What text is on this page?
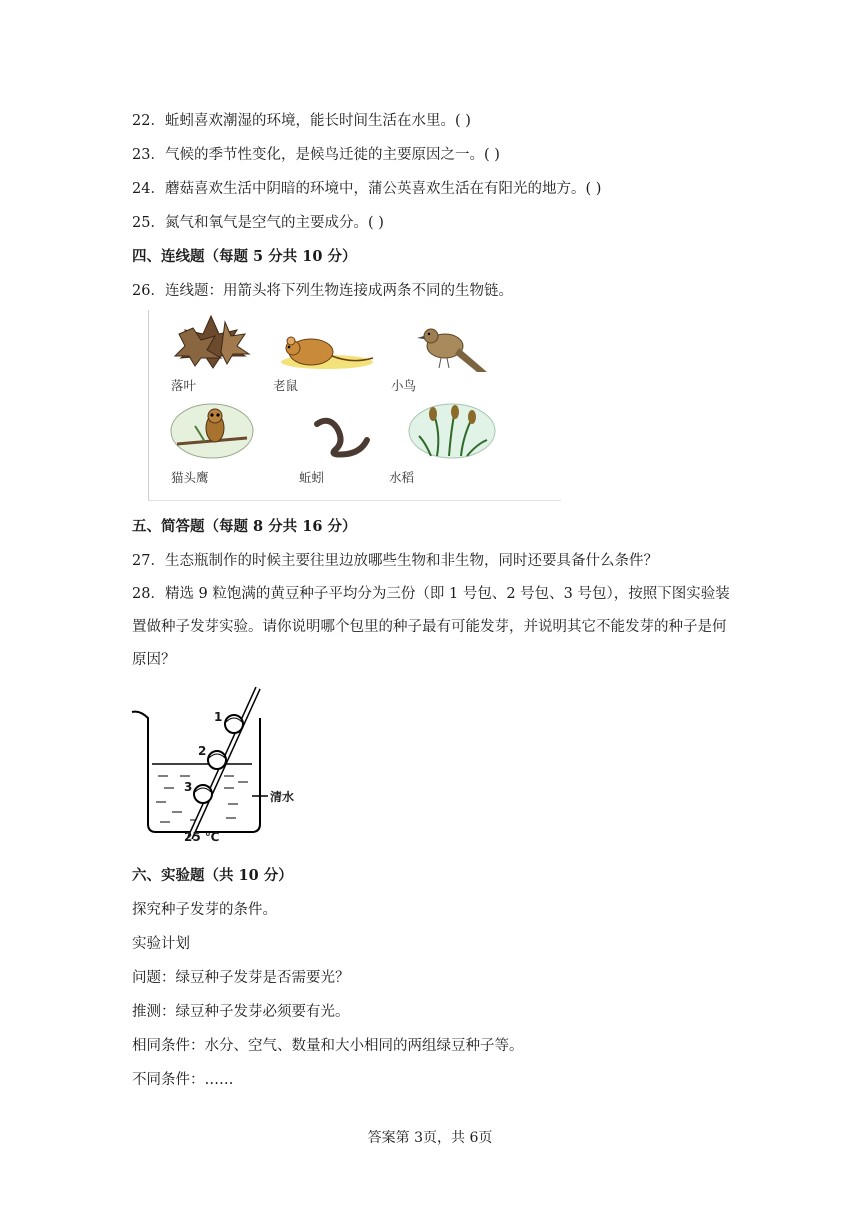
22．蚯蚓喜欢潮湿的环境，能长时间生活在水里。( )
23．气候的季节性变化，是候鸟迁徙的主要原因之一。( )
24．蘑菇喜欢生活中阴暗的环境中，蒲公英喜欢生活在有阳光的地方。( )
25．氮气和氧气是空气的主要成分。( )
四、连线题（每题 5 分共 10 分）
26．连线题：用箭头将下列生物连接成两条不同的生物链。
落叶	老鼠	小鸟
猫头鹰	蚯蚓	水稻
五、简答题（每题 8 分共 16 分）
27．生态瓶制作的时候主要往里边放哪些生物和非生物，同时还要具备什么条件？
28．精选 9 粒饱满的黄豆种子平均分为三份（即 1 号包、2 号包、3 号包），按照下图实验装置做种子发芽实验。请你说明哪个包里的种子最有可能发芽，并说明其它不能发芽的种子是何原因？
1
2
3
清水
25 ℃
六、实验题（共 10 分）
探究种子发芽的条件。
实验计划
问题：绿豆种子发芽是否需要光？
推测：绿豆种子发芽必须要有光。
相同条件：水分、空气、数量和大小相同的两组绿豆种子等。
不同条件：……
答案第 3页，共 6页
